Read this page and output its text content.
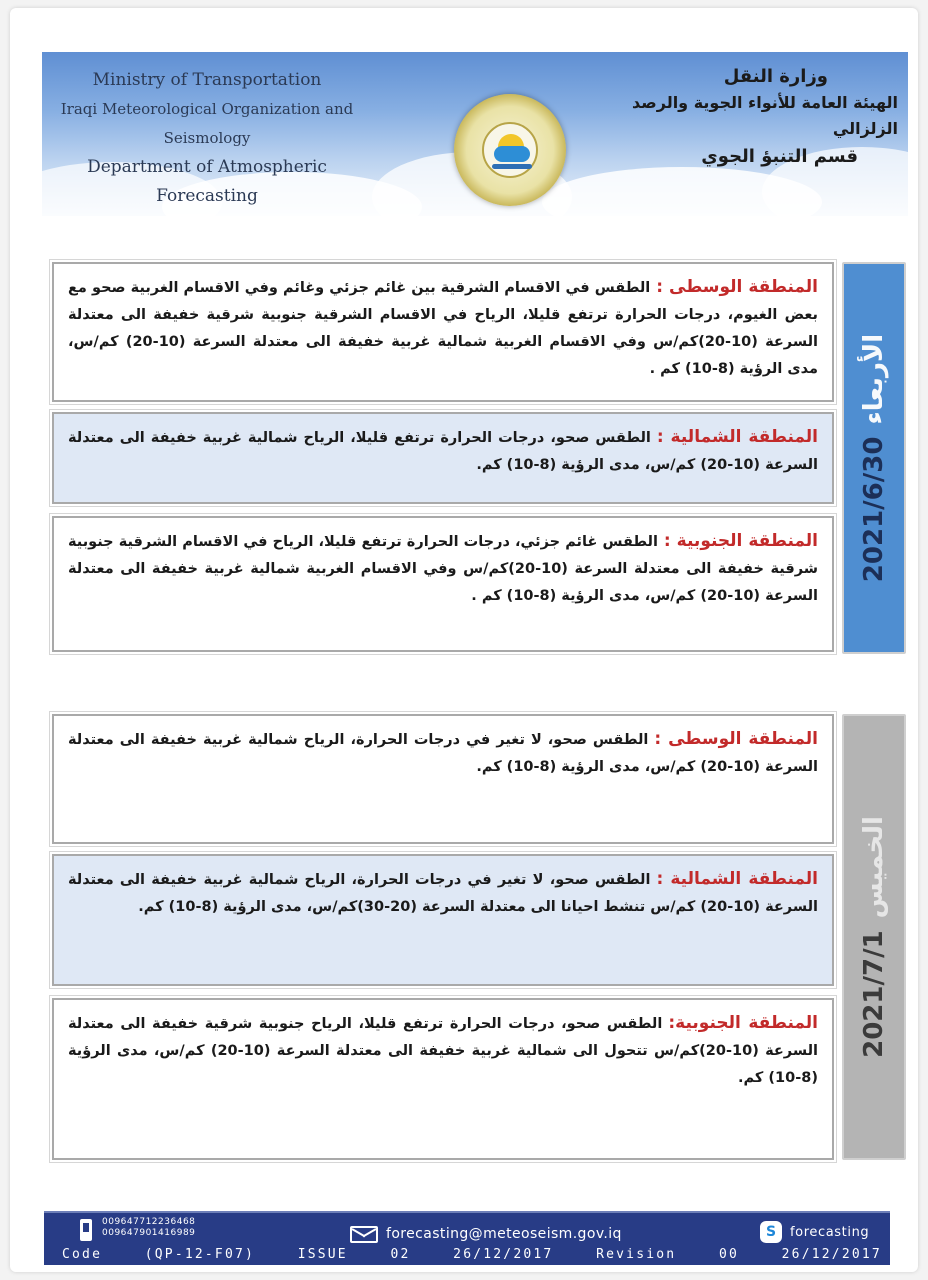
Ministry of Transportation
Iraqi Meteorological Organization and Seismology
Department of Atmospheric Forecasting
وزارة النقل
الهيئة العامة للأنواء الجوية والرصد الزلزالي
قسم التنبؤ الجوي
المنطقة الوسطى :الطقس في الاقسام الشرقية بين غائم جزئي وغائم وفي الاقسام الغربية صحو مع بعض الغيوم، درجات الحرارة ترتفع قليلا، الرياح في الاقسام الشرقية جنوبية شرقية خفيفة الى معتدلة السرعة (10-20)كم/س وفي الاقسام الغربية شمالية غربية خفيفة الى معتدلة السرعة (10-20) كم/س، مدى الرؤية (8-10) كم .
المنطقة الشمالية :الطقس صحو، درجات الحرارة ترتفع قليلا، الرياح شمالية غربية خفيفة الى معتدلة السرعة (10-20) كم/س، مدى الرؤية (8-10) كم.
المنطقة الجنوبية :الطقس غائم جزئي، درجات الحرارة ترتفع قليلا، الرياح في الاقسام الشرقية جنوبية شرقية خفيفة الى معتدلة السرعة (10-20)كم/س وفي الاقسام الغربية شمالية غربية خفيفة الى معتدلة السرعة (10-20) كم/س، مدى الرؤية (8-10) كم .
الأربعاء2021/6/30
المنطقة الوسطى :الطقس صحو، لا تغير في درجات الحرارة، الرياح شمالية غربية خفيفة الى معتدلة السرعة (10-20) كم/س، مدى الرؤية (8-10) كم.
المنطقة الشمالية :الطقس صحو، لا تغير في درجات الحرارة، الرياح شمالية غربية خفيفة الى معتدلة السرعة (10-20) كم/س تنشط احيانا الى معتدلة السرعة (20-30)كم/س، مدى الرؤية (8-10) كم.
المنطقة الجنوبية:الطقس صحو، درجات الحرارة ترتفع قليلا، الرياح جنوبية شرقية خفيفة الى معتدلة السرعة (10-20)كم/س تتحول الى شمالية غربية خفيفة الى معتدلة السرعة (10-20) كم/س، مدى الرؤية (8-10) كم.
الخميس2021/7/1
009647712236468
009647901416989	forecasting@meteoseism.gov.iq	S	forecasting
Code	(QP-12-F07)	ISSUE	02	26/12/2017	Revision	00	26/12/2017
